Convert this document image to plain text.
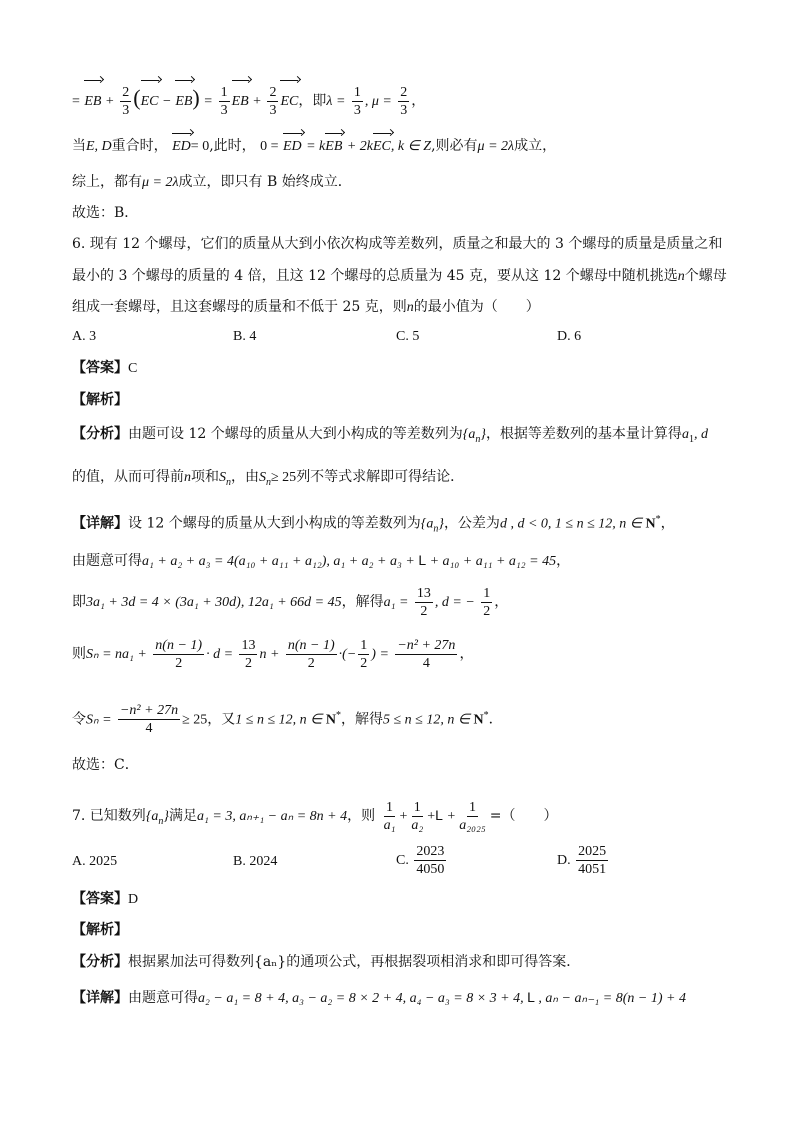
= EB + $\frac{2}{3} (EC - EB) = \frac{1}{3}$ EB + $\frac{2}{3}$ EC，即$\lambda = \frac{1}{3}$ , $\mu = \frac{2}{3}$ ，
当E, D重合时， ED= 0,此时， 0 = ED = kEB + 2kEC, k ∈ Z,则必有μ = 2λ成立，
综上，都有μ = 2λ成立，即只有 B 始终成立．
故选：B．
6. 现有 12 个螺母，它们的质量从大到小依次构成等差数列，质量之和最大的 3 个螺母的质量是质量之和
最小的 3 个螺母的质量的 4 倍，且这 12 个螺母的总质量为 45 克，要从这 12 个螺母中随机挑选n个螺母
组成一套螺母，且这套螺母的质量和不低于 25 克，则n的最小值为（　　）
A. 3	B. 4	C. 5	D. 6
【答案】C
【解析】
【分析】由题可设 12 个螺母的质量从大到小构成的等差数列为$\{a_n\}$，根据等差数列的基本量计算得$a_1$, d
的值，从而可得前n项和$S_n$，由$S_n\ge 25$列不等式求解即可得结论．
【详解】设 12 个螺母的质量从大到小构成的等差数列为$\{a_n\}$，公差为d , d < 0, 1 ≤ n ≤ 12, n ∈ N*，
由题意可得a₁ + a₂ + a₃ = 4(a₁₀ + a₁₁ + a₁₂), a₁ + a₂ + a₃ + L + a₁₀ + a₁₁ + a₁₂ = 45，
即3a₁ + 3d = 4 × (3a₁ + 30d), 12a₁ + 66d = 45，解得$a_1 = \frac{13}{2}$ , d = − $\frac{1}{2}$ ，
则$S_n = na_1 + \frac{n(n - 1)}{2} \cdot d = \frac{13}{2}$ $n + \frac{n(n - 1)}{2}$ ·(− $\frac{1}{2}$ ) = $\frac{\text{−n² + 27n}}{4}$ ，
令$S_n = \frac{\text{−n² + 27n}}{4} \ge 25$，又1 ≤ n ≤ 12, n ∈ N*，解得5 ≤ n ≤ 12, n ∈ N*．
故选：C．
7. 已知数列$\{a_n\}$满足a₁ = 3, aₙ₊₁ − aₙ = 8n + 4，则 $\frac{1}{\text{a₁}} + \frac{1}{\text{a₂}} +L + \frac{1}{\text{a₂₀₂₅}}$ =（　　）
A. 2025	B. 2024	C. $\frac{2023}{4050}$	D. $\frac{2025}{4051}$
【答案】D
【解析】
【分析】根据累加法可得数列{aₙ}的通项公式，再根据裂项相消求和即可得答案．
【详解】由题意可得a₂ − a₁ = 8 + 4, a₃ − a₂ = 8 × 2 + 4, a₄ − a₃ = 8 × 3 + 4, L , aₙ − aₙ₋₁ = 8(n − 1) + 4
